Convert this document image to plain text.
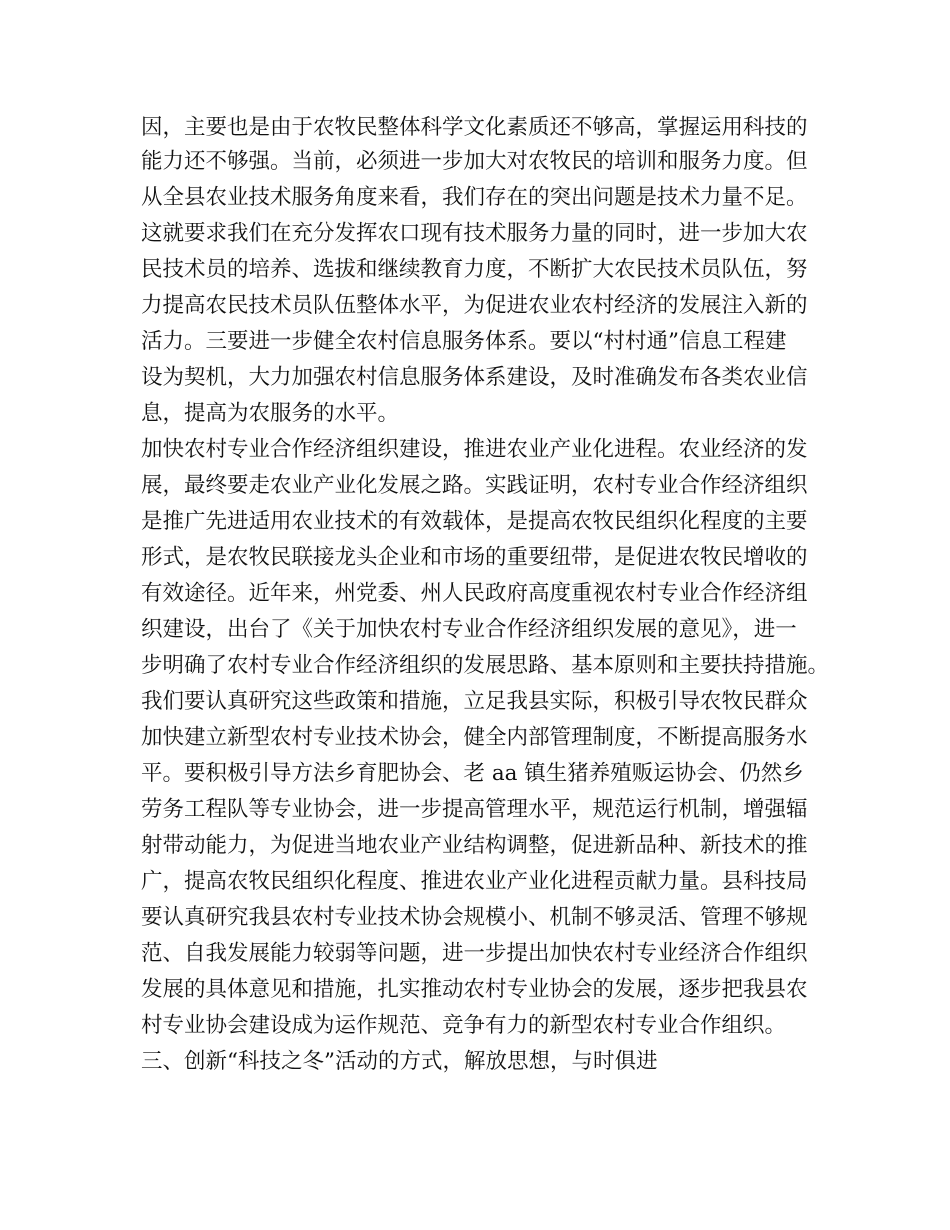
因，主要也是由于农牧民整体科学文化素质还不够高，掌握运用科技的
能力还不够强。当前，必须进一步加大对农牧民的培训和服务力度。但
从全县农业技术服务角度来看，我们存在的突出问题是技术力量不足。
这就要求我们在充分发挥农口现有技术服务力量的同时，进一步加大农
民技术员的培养、选拔和继续教育力度，不断扩大农民技术员队伍，努
力提高农民技术员队伍整体水平，为促进农业农村经济的发展注入新的
活力。三要进一步健全农村信息服务体系。要以“村村通”信息工程建
设为契机，大力加强农村信息服务体系建设，及时准确发布各类农业信
息，提高为农服务的水平。
加快农村专业合作经济组织建设，推进农业产业化进程。农业经济的发
展，最终要走农业产业化发展之路。实践证明，农村专业合作经济组织
是推广先进适用农业技术的有效载体，是提高农牧民组织化程度的主要
形式，是农牧民联接龙头企业和市场的重要纽带，是促进农牧民增收的
有效途径。近年来，州党委、州人民政府高度重视农村专业合作经济组
织建设，出台了《关于加快农村专业合作经济组织发展的意见》，进一
步明确了农村专业合作经济组织的发展思路、基本原则和主要扶持措施。
我们要认真研究这些政策和措施，立足我县实际，积极引导农牧民群众
加快建立新型农村专业技术协会，健全内部管理制度，不断提高服务水
平。要积极引导方法乡育肥协会、老 aa 镇生猪养殖贩运协会、仍然乡
劳务工程队等专业协会，进一步提高管理水平，规范运行机制，增强辐
射带动能力，为促进当地农业产业结构调整，促进新品种、新技术的推
广，提高农牧民组织化程度、推进农业产业化进程贡献力量。县科技局
要认真研究我县农村专业技术协会规模小、机制不够灵活、管理不够规
范、自我发展能力较弱等问题，进一步提出加快农村专业经济合作组织
发展的具体意见和措施，扎实推动农村专业协会的发展，逐步把我县农
村专业协会建设成为运作规范、竞争有力的新型农村专业合作组织。
三、创新“科技之冬”活动的方式，解放思想，与时俱进
